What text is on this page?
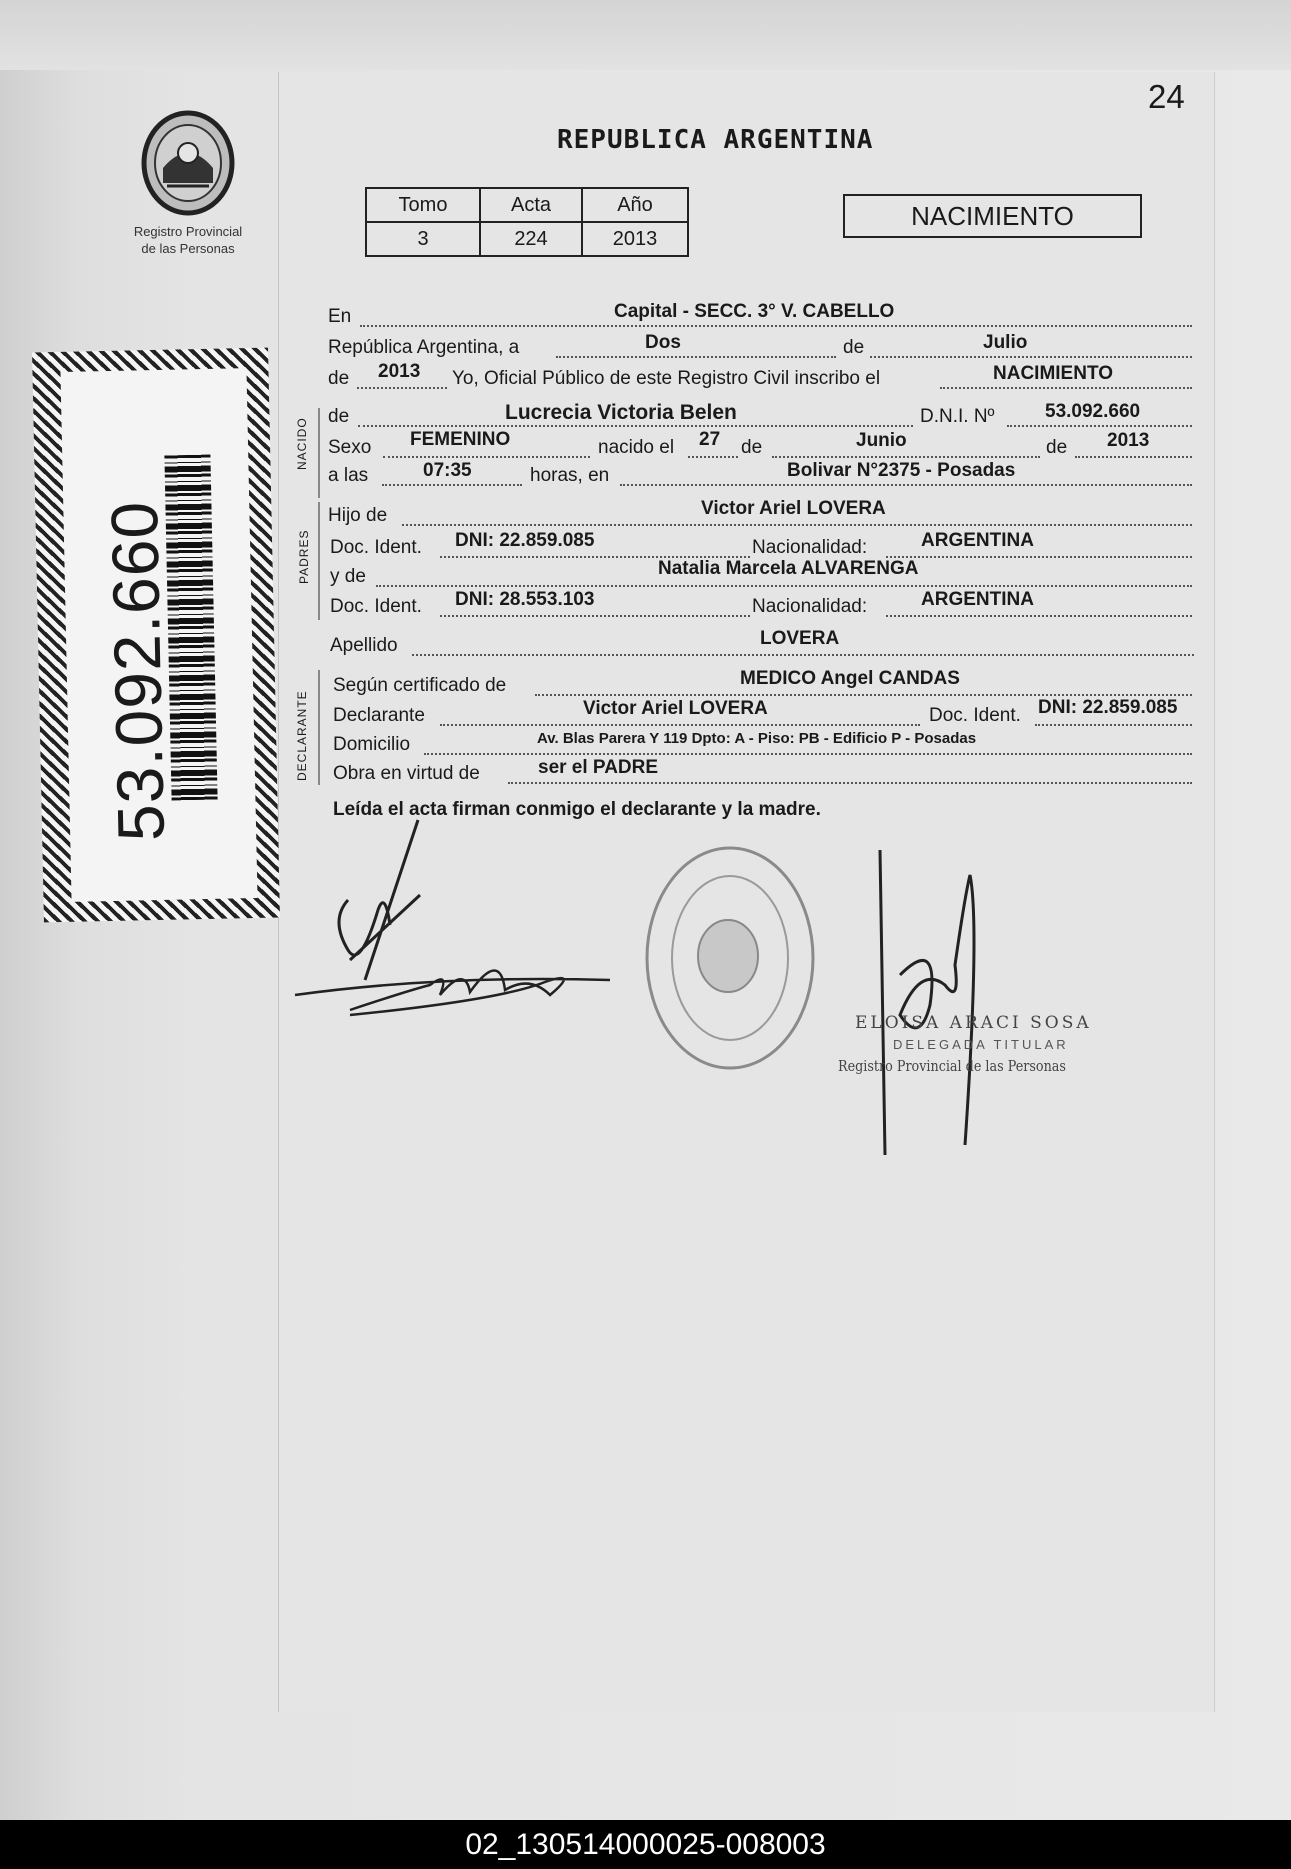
24
Registro Provincial
de las Personas
53.092.660
REPUBLICA ARGENTINA
Tomo	Acta	Año
3	224	2013
NACIMIENTO
NACIDO
PADRES
DECLARANTE
En	Capital - SECC. 3° V. CABELLO
República Argentina, a	Dos	de	Julio
de 2013 Yo, Oficial Público de este Registro Civil inscribo el	NACIMIENTO
de	Lucrecia Victoria Belen	D.N.I. Nº	53.092.660
Sexo FEMENINO	nacido el 27 de	Junio	de 2013
a las	07:35	horas, en	Bolivar N°2375 - Posadas
Hijo de	Victor Ariel LOVERA
Doc. Ident. DNI: 22.859.085	Nacionalidad:	ARGENTINA
y de	Natalia Marcela ALVARENGA
Doc. Ident. DNI: 28.553.103	Nacionalidad:	ARGENTINA
Apellido	LOVERA
Según certificado de	MEDICO Angel CANDAS
Declarante	Victor Ariel LOVERA	Doc. Ident. DNI: 22.859.085
Domicilio	Av. Blas Parera Y 119 Dpto: A - Piso: PB - Edificio P - Posadas
Obra en virtud de	ser el PADRE
Leída el acta firman conmigo el declarante y la madre.
ELOISA ARACI SOSA
DELEGADA TITULAR
Registro Provincial de las Personas
02_130514000025-008003
